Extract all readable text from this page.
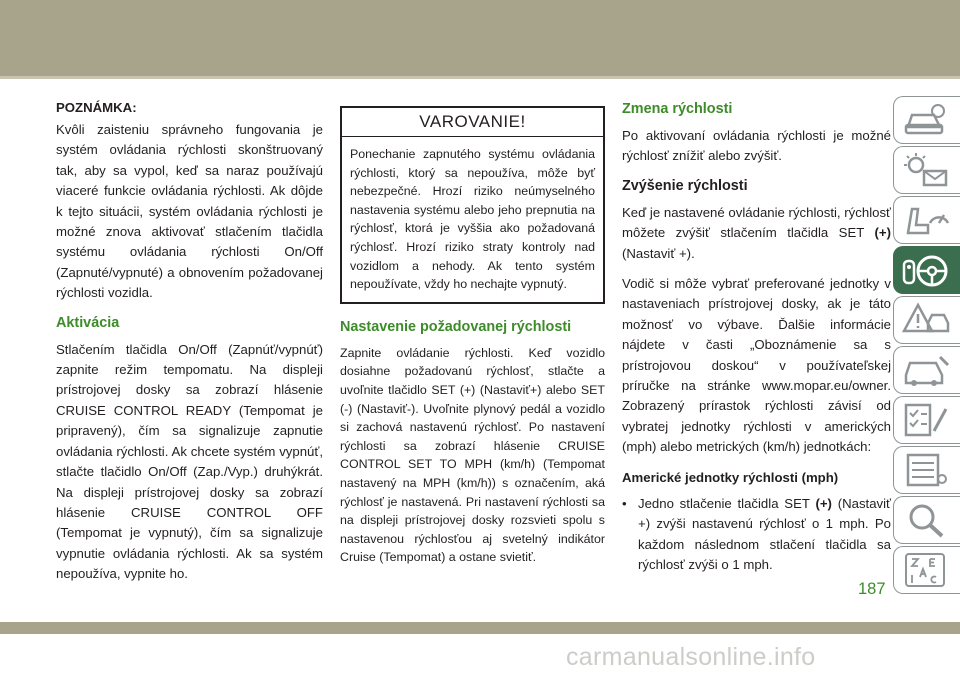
POZNÁMKA:

Kvôli zaisteniu správneho fungovania je systém ovládania rýchlosti skonštruovaný tak, aby sa vypol, keď sa naraz používajú viaceré funkcie ovládania rýchlosti. Ak dôjde k tejto situácii, systém ovládania rýchlosti je možné znova aktivovať stlačením tlačidla systému ovládania rýchlosti On/Off (Zapnuté/vypnuté) a obnovením požadovanej rýchlosti vozidla.

Aktivácia

Stlačením tlačidla On/Off (Zapnúť/vypnúť) zapnite režim tempomatu. Na displeji prístrojovej dosky sa zobrazí hlásenie CRUISE CONTROL READY (Tempomat je pripravený), čím sa signalizuje zapnutie ovládania rýchlosti. Ak chcete systém vypnúť, stlačte tlačidlo On/Off (Zap./Vyp.) druhýkrát. Na displeji prístrojovej dosky sa zobrazí hlásenie CRUISE CONTROL OFF (Tempomat je vypnutý), čím sa signalizuje vypnutie ovládania rýchlosti. Ak sa systém nepoužíva, vypnite ho.

VAROVANIE!

Ponechanie zapnutého systému ovládania rýchlosti, ktorý sa nepoužíva, môže byť nebezpečné. Hrozí riziko neúmyselného nastavenia systému alebo jeho prepnutia na rýchlosť, ktorá je vyššia ako požadovaná rýchlosť. Hrozí riziko straty kontroly nad vozidlom a nehody. Ak tento systém nepoužívate, vždy ho nechajte vypnutý.

Nastavenie požadovanej rýchlosti

Zapnite ovládanie rýchlosti. Keď vozidlo dosiahne požadovanú rýchlosť, stlačte a uvoľnite tlačidlo SET (+) (Nastaviť+) alebo SET (-) (Nastaviť-). Uvoľnite plynový pedál a vozidlo si zachová nastavenú rýchlosť. Po nastavení rýchlosti sa zobrazí hlásenie CRUISE CONTROL SET TO MPH (km/h) (Tempomat nastavený na MPH (km/h)) s označením, aká rýchlosť je nastavená. Pri nastavení rýchlosti sa na displeji prístrojovej dosky rozsvieti spolu s nastavenou rýchlosťou aj svetelný indikátor Cruise (Tempomat) a ostane svietiť.

Zmena rýchlosti

Po aktivovaní ovládania rýchlosti je možné rýchlosť znížiť alebo zvýšiť.

Zvýšenie rýchlosti

Keď je nastavené ovládanie rýchlosti, rýchlosť môžete zvýšiť stlačením tlačidla SET (+) (Nastaviť +).

Vodič si môže vybrať preferované jednotky v nastaveniach prístrojovej dosky, ak je táto možnosť vo výbave. Ďalšie informácie nájdete v časti „Oboznámenie sa s prístrojovou doskou“ v používateľskej príručke na stránke www.mopar.eu/owner. Zobrazený prírastok rýchlosti závisí od vybratej jednotky rýchlosti v amerických (mph) alebo metrických (km/h) jednotkách:

Americké jednotky rýchlosti (mph)
• Jedno stlačenie tlačidla SET (+) (Nastaviť +) zvýši nastavenú rýchlosť o 1 mph. Po každom následnom stlačení tlačidla sa rýchlosť zvýši o 1 mph.
187
carmanualsonline.info
